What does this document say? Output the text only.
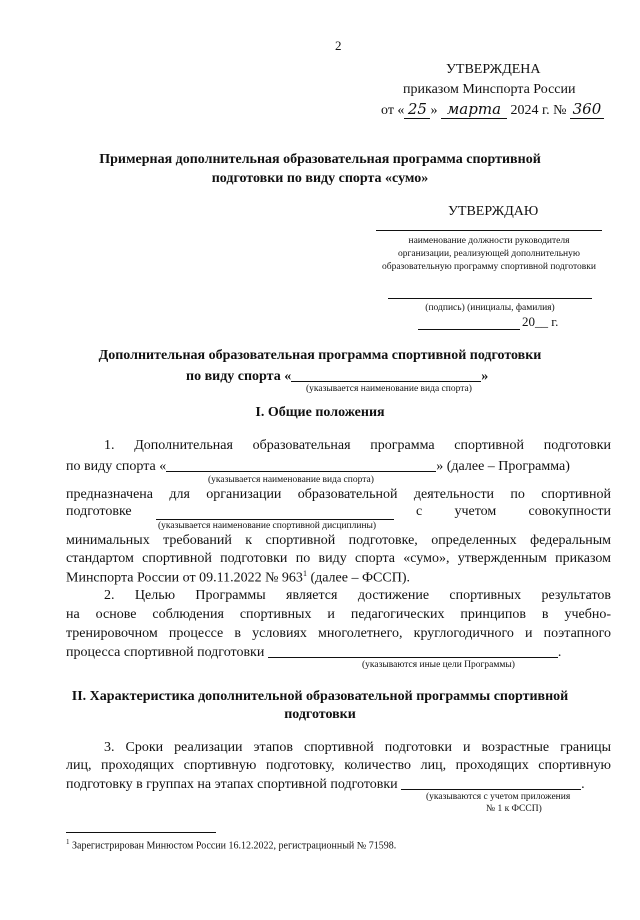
2
УТВЕРЖДЕНА
приказом Минспорта России
от « 25 » марта 2024 г. № 360
Примерная дополнительная образовательная программа спортивной
подготовки по виду спорта «сумо»
УТВЕРЖДАЮ
наименование должности руководителя
организации, реализующей дополнительную
образовательную программу спортивной подготовки
(подпись) (инициалы, фамилия)
20__ г.
Дополнительная образовательная программа спортивной подготовки
по виду спорта «	»
(указывается наименование вида спорта)
I. Общие положения
1. Дополнительная образовательная программа спортивной подготовки
по виду спорта «	» (далее – Программа)
(указывается наименование вида спорта)
предназначена для организации образовательной деятельности по спортивной
подготовке	с учетом совокупности
(указывается наименование спортивной дисциплины)
минимальных требований к спортивной подготовке, определенных федеральным
стандартом спортивной подготовки по виду спорта «сумо», утвержденным приказом
Минспорта России от 09.11.2022 № $963^1$ (далее – ФССП).
2. Целью Программы является достижение спортивных результатов
на основе соблюдения спортивных и педагогических принципов в учебно-
тренировочном процессе в условиях многолетнего, круглогодичного и поэтапного
процесса спортивной подготовки	.
(указываются иные цели Программы)
II. Характеристика дополнительной образовательной программы спортивной
подготовки
3. Сроки реализации этапов спортивной подготовки и возрастные границы
лиц, проходящих спортивную подготовку, количество лиц, проходящих спортивную
подготовку в группах на этапах спортивной подготовки	.
(указываются с учетом приложения
№ 1 к ФССП)
$^1$ Зарегистрирован Минюстом России 16.12.2022, регистрационный № 71598.
